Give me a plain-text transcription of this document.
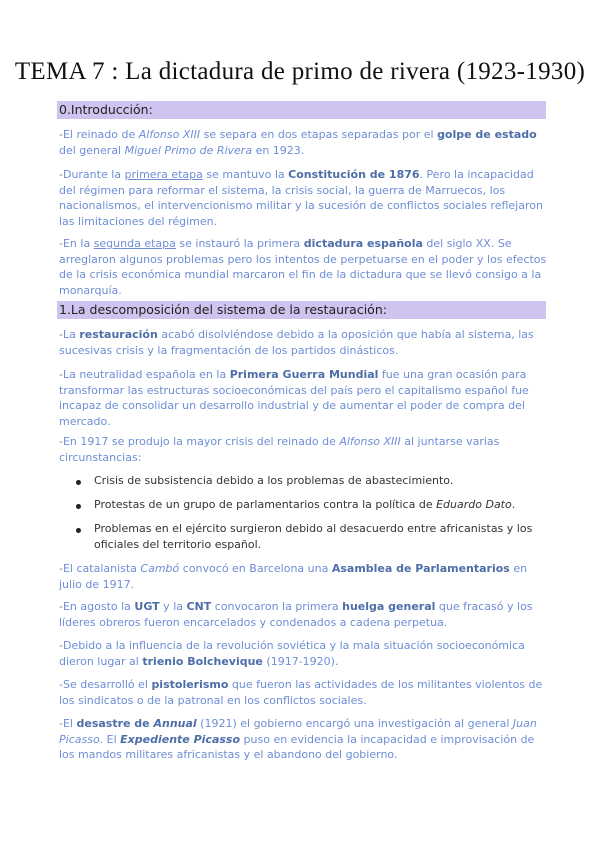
TEMA 7 : La dictadura de primo de rivera (1923-1930)
0.Introducción:

-El reinado de Alfonso XIII se separa en dos etapas separadas por el golpe de estado del general Miguel Primo de Rivera en 1923.

-Durante la primera etapa se mantuvo la Constitución de 1876. Pero la incapacidad del régimen para reformar el sistema, la crisis social, la guerra de Marruecos, los nacionalismos, el intervencionismo militar y la sucesión de conflictos sociales reflejaron las limitaciones del régimen.

-En la segunda etapa se instauró la primera dictadura española del siglo XX. Se arreglaron algunos problemas pero los intentos de perpetuarse en el poder y los efectos de la crisis económica mundial marcaron el fin de la dictadura que se llevó consigo a la monarquía.

1.La descomposición del sistema de la restauración:

-La restauración acabó disolviéndose debido a la oposición que había al sistema, las sucesivas crisis y la fragmentación de los partidos dinásticos.

-La neutralidad española en la Primera Guerra Mundial fue una gran ocasión para transformar las estructuras socioeconómicas del país pero el capitalismo español fue incapaz de consolidar un desarrollo industrial y de aumentar el poder de compra del mercado.

-En 1917 se produjo la mayor crisis del reinado de Alfonso XIII al juntarse varias circunstancias:

Crisis de subsistencia debido a los problemas de abastecimiento.

Protestas de un grupo de parlamentarios contra la política de Eduardo Dato.

Problemas en el ejército surgieron debido al desacuerdo entre africanistas y los oficiales del territorio español.

-El catalanista Cambó convocó en Barcelona una Asamblea de Parlamentarios en julio de 1917.

-En agosto la UGT y la CNT convocaron la primera huelga general que fracasó y los líderes obreros fueron encarcelados y condenados a cadena perpetua.

-Debido a la influencia de la revolución soviética y la mala situación socioeconómica dieron lugar al trienio Bolchevique (1917-1920).

-Se desarrolló el pistolerismo que fueron las actividades de los militantes violentos de los sindicatos o de la patronal en los conflictos sociales.

-El desastre de Annual (1921) el gobierno encargó una investigación al general Juan Picasso. El Expediente Picasso puso en evidencia la incapacidad e improvisación de los mandos militares africanistas y el abandono del gobierno.
